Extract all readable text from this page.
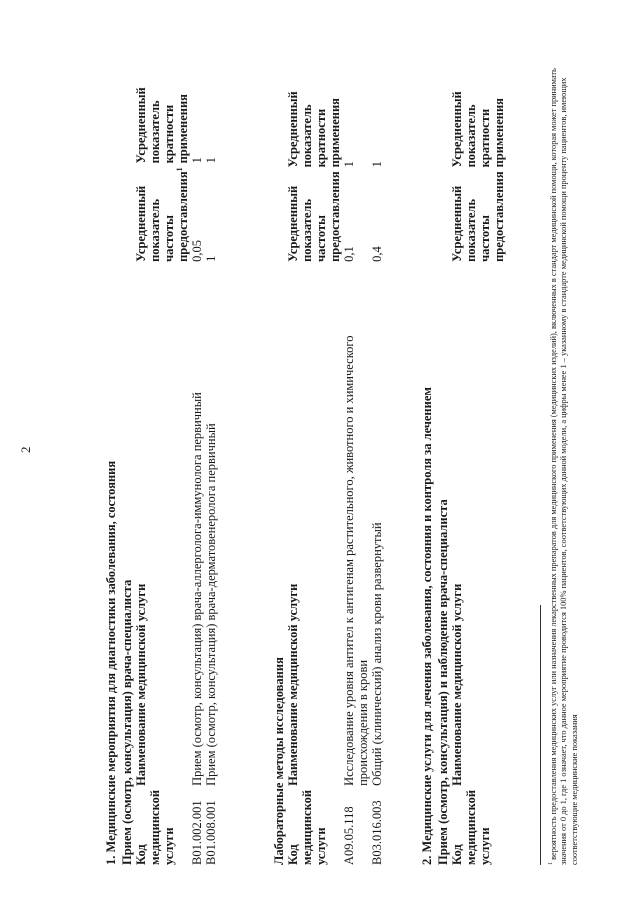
2
1. Медицинские мероприятия для диагностики заболевания, состояния Прием (осмотр, консультация) врача-специалиста Код медицинской услуги	Наименование медицинской услуги	Усредненный показатель частоты предоставления$^1$	Усредненный показатель кратности применения
B01.002.001	Прием (осмотр, консультация) врача-аллерголога-иммунолога первичный	0,05	1
B01.008.001	Прием (осмотр, консультация) врача-дерматовенеролога первичный	1	1
Лабораторные методы исследования Код медицинской услуги	Наименование медицинской услуги	Усредненный показатель частоты предоставления	Усредненный показатель кратности применения
A09.05.118	Исследование уровня антител к антигенам растительного, животного и химического происхождения в крови	0,1	1
B03.016.003	Общий (клинический) анализ крови развернутый	0,4	1
2. Медицинские услуги для лечения заболевания, состояния и контроля за лечением Прием (осмотр, консультация) и наблюдение врача-специалиста Код медицинской услуги	Наименование медицинской услуги	Усредненный показатель частоты предоставления	Усредненный показатель кратности применения
$^1$ вероятность предоставления медицинских услуг или назначения лекарственных препаратов для медицинского применения (медицинских изделий), включенных в стандарт медицинской помощи, которая может принимать значения от 0 до 1, где 1 означает, что данное мероприятие проводится 100% пациентов, соответствующих данной модели, а цифры менее 1 – указанному в стандарте медицинской помощи проценту пациентов, имеющих соответствующие медицинские показания
